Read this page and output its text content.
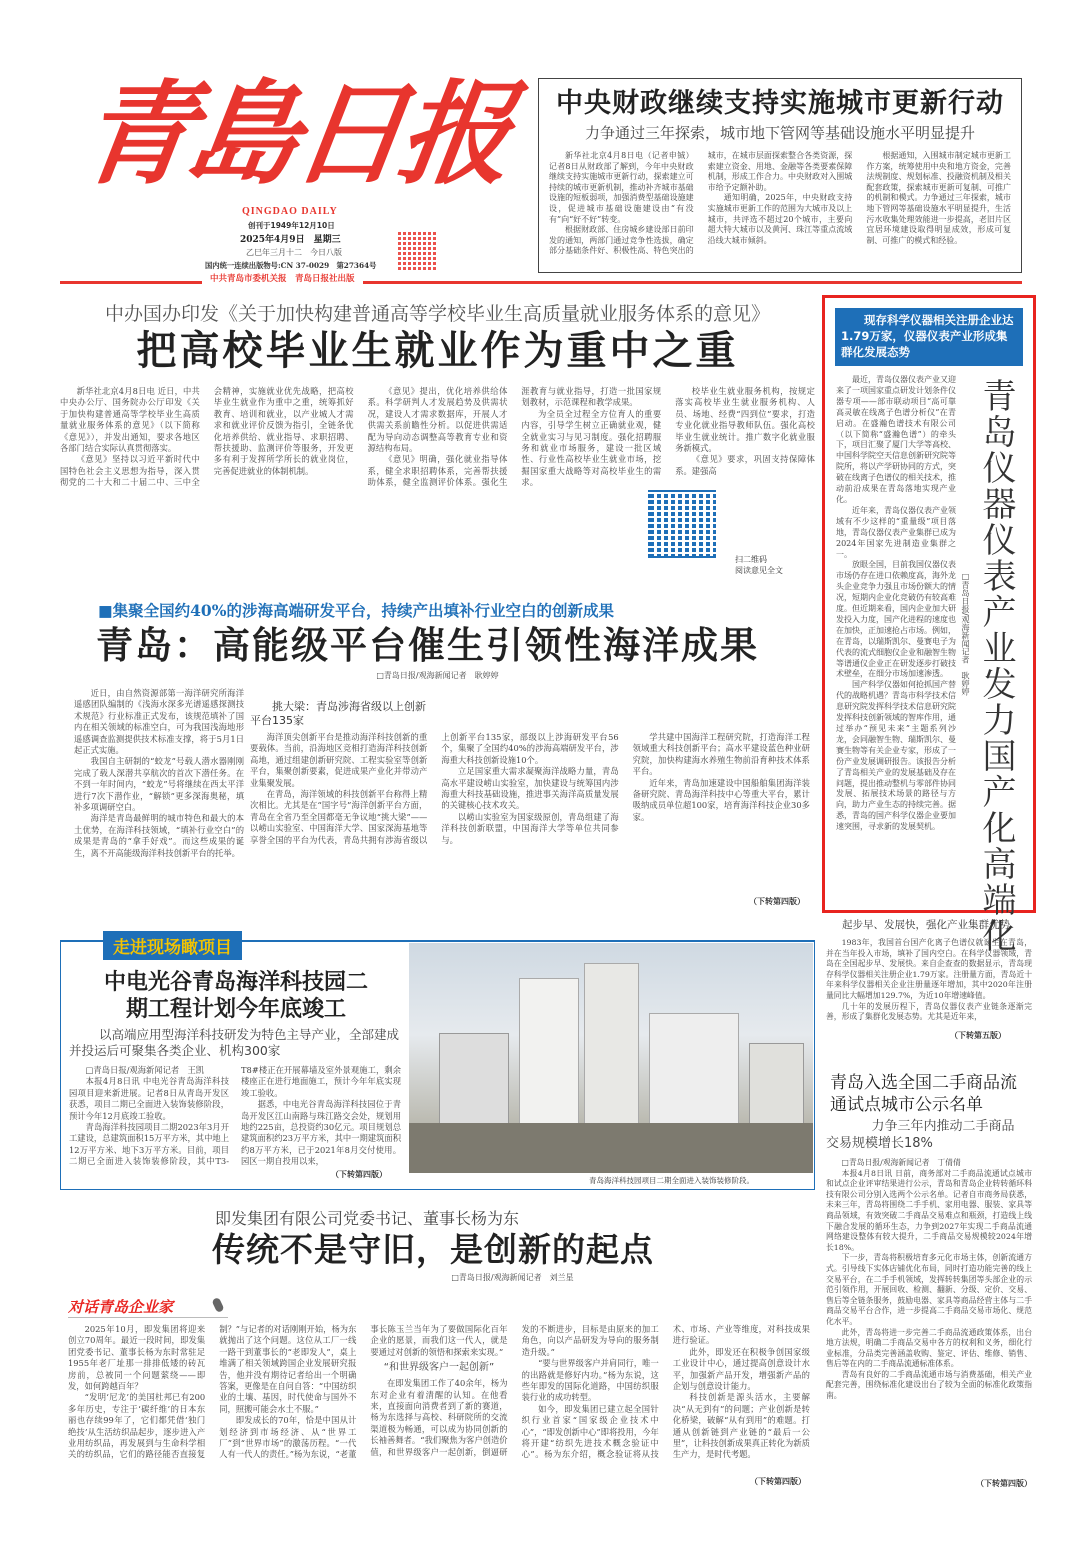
青島日报
QINGDAO DAILY
创刊于1949年12月10日
2025年4月9日　星期三
乙巳年三月十二　今日八版
国内统一连续出版物号:CN 37-0029　第27364号
中共青岛市委机关报　青岛日报社出版
中央财政继续支持实施城市更新行动
力争通过三年探索，城市地下管网等基础设施水平明显提升

新华社北京4月8日电（记者申铖） 记者8日从财政部了解到，今年中央财政继续支持实施城市更新行动，探索建立可持续的城市更新机制，推动补齐城市基础设施的短板弱项，加强消费型基础设施建设，促进城市基础设施建设由“有没有”向“好不好”转变。

根据财政部、住房城乡建设部日前印发的通知，两部门通过竞争性选拔，确定部分基础条件好、积极性高、特色突出的城市，在城市层面探索整合各类资源，探索建立资金、用地、金融等各类要素保障机制，形成工作合力。中央财政对入围城市给予定额补助。

通知明确，2025年，中央财政支持实施城市更新工作的范围为大城市及以上城市，共评选不超过20个城市，主要向超大特大城市以及黄河、珠江等重点流域沿线大城市倾斜。

根据通知，入围城市制定城市更新工作方案，统筹使用中央和地方资金，完善法规制度、规划标准、投融资机制及相关配套政策，探索城市更新可复制、可推广的机制和模式。力争通过三年探索，城市地下管网等基础设施水平明显提升，生活污水收集处理效能进一步提高，老旧片区宜居环境建设取得明显成效，形成可复制、可推广的模式和经验。

中办国办印发《关于加快构建普通高等学校毕业生高质量就业服务体系的意见》
把高校毕业生就业作为重中之重

新华社北京4月8日电 近日，中共中央办公厅、国务院办公厅印发《关于加快构建普通高等学校毕业生高质量就业服务体系的意见》（以下简称《意见》），并发出通知，要求各地区各部门结合实际认真贯彻落实。

《意见》坚持以习近平新时代中国特色社会主义思想为指导，深入贯彻党的二十大和二十届二中、三中全会精神，实施就业优先战略，把高校毕业生就业作为重中之重，统筹抓好教育、培训和就业，以产业城人才需求和就业评价反馈为指引，全链条优化培养供给、就业指导、求职招聘、帮扶援助、监测评价等服务，开发更多有利于发挥所学所长的就业岗位，完善促进就业的体制机制。

《意见》提出，优化培养供给体系。科学研判人才发展趋势及供需状况，建设人才需求数据库，开展人才供需关系前瞻性分析。以促进供需适配为导向动态调整高等教育专业和资源结构布局。

《意见》明确，强化就业指导体系，健全求职招聘体系，完善帮扶援助体系，健全监测评价体系。强化生涯教育与就业指导，打造一批国家规划教材，示范课程和教学成果。

为全员全过程全方位育人的重要内容，引导学生树立正确就业观，健全就业实习与见习制度。强化招聘服务和就业市场服务，建设一批区域性、行业性高校毕业生就业市场，挖掘国家重大战略等对高校毕业生的需求。

校毕业生就业服务机构，按规定落实高校毕业生就业服务机构、人员、场地、经费“四到位”要求，打造专业化就业指导教师队伍。强化高校毕业生就业统计。推广数字化就业服务新模式。

《意见》要求，巩固支持保障体系。建强高

扫二维码
阅读意见全文
现存科学仪器相关注册企业达1.79万家，仪器仪表产业形成集群化发展态势

最近，青岛仪器仪表产业又迎来了一项国家重点研发计划条件仪器专项——部市联动项目“高可靠高灵敏在线离子色谱分析仪”在青启动。在盛瀚色谱技术有限公司（以下简称“盛瀚色谱”）的牵头下，项目汇聚了厦门大学等高校、中国科学院空天信息创新研究院等院所，将以产学研协同的方式，突破在线离子色谱仪的相关技术，推动前沿成果在青岛落地实现产业化。

近年来，青岛仪器仪表产业领域有不少这样的“重量级”项目落地，青岛仪器仪表产业集群已成为2024年国家先进制造业集群之一。

放眼全国，目前我国仪器仪表市场仍存在进口依赖度高，海外龙头企业竞争力强且市场份额大的情况，短期内企业化竞破仍有较高难度。但近期来看，国内企业加大研发投入力度，国产化进程的速度也在加快，正加速抢占市场。例如，在青岛，以瑞斯凯尔、曼赛电子为代表的流式细胞仪企业和融智生物等谱通仪企业正在研发逐步打破技术壁垒，在细分市场加速渗透。

国产科学仪器如何抢抓国产替代的战略机遇？青岛市科学技术信息研究院发挥科学技术信息研究院发挥科技创新领域的智库作用，通过举办“预见未来”主题系列沙龙，会同融智生物、瑞斯凯尔、曼赛生物等有关企业专家，形成了一份产业发展调研报告。该报告分析了青岛相关产业的发展基础及存在问题，提出推动整机与零部件协同发展、拓展技术场景的路径与方向，助力产业生态的持续完善。据悉，青岛的国产科学仪器企业要加速突围，寻求新的发展契机。	青岛仪器仪表产业发力国产化高端化
□青岛日报/观海新闻记者　耿婷婷
■集聚全国约40%的涉海高端研发平台，持续产出填补行业空白的创新成果
青岛：高能级平台催生引领性海洋成果
□青岛日报/观海新闻记者　耿婷婷

近日，由自然资源部第一海洋研究所海洋遥感团队编制的《浅海水深多光谱遥感探测技术规范》行业标准正式发布，该规范填补了国内在相关领域的标准空白，可为我国浅海地形遥感调查监测提供技术标准支撑，将于5月1日起正式实施。

我国自主研制的“蛟龙”号载人潜水器刚刚完成了载人深潜共享航次的首次下潜任务。在不到一年时间内，“蛟龙”号将继续在西太平洋进行7次下潜作业，“解锁”更多深海奥秘，填补多项调研空白。

海洋是青岛最鲜明的城市特色和最大的本土优势，在海洋科技领域，“填补行业空白”的成果是青岛的“拿手好戏”。而这些成果的诞生，离不开高能级海洋科技创新平台的托举。

挑大梁：青岛涉海省级以上创新平台135家

海洋顶尖创新平台是推动海洋科技创新的重要载体。当前，沿海地区竞相打造海洋科技创新高地，通过组建创新研究院、工程实验室等创新平台，集聚创新要素，促进成果产业化并带动产业集聚发展。

在青岛，海洋领域的科技创新平台称得上精次相比。尤其是在“国字号”海洋创新平台方面，青岛在全省乃至全国都毫无争议地“挑大梁”——以崂山实验室、中国海洋大学、国家深海基地等享誉全国的平台为代表，青岛共拥有涉海省级以上创新平台135家，部级以上涉海研发平台56个，集聚了全国约40%的涉海高端研发平台，涉海重大科技创新设施10个。

立足国家重大需求凝聚海洋战略力量，青岛高水平建设崂山实验室，加快建设与统筹国内涉海重大科技基础设施，推进事关海洋高质量发展的关键核心技术攻关。

以崂山实验室为国家级原创，青岛组建了海洋科技创新联盟，中国海洋大学等单位共同参与。

学共建中国海洋工程研究院，打造海洋工程领域重大科技创新平台；高水平建设蓝色种业研究院，加快构建海水养殖生物前沿育种技术体系平台。

近年来，青岛加速建设中国船舶集团海洋装备研究院、青岛海洋科技中心等重大平台，累计吸纳成员单位超100家，培育海洋科技企业30多家。

（下转第四版）
走进现场瞰项目
中电光谷青岛海洋科技园二期工程计划今年底竣工
以高端应用型海洋科技研发为特色主导产业，全部建成并投运后可聚集各类企业、机构300家

□青岛日报/观海新闻记者　王凯

本报4月8日讯 中电光谷青岛海洋科技园项目迎来新进展。记者8日从青岛开发区获悉，项目二期已全面进入装饰装修阶段，预计今年12月底竣工验收。

青岛海洋科技园项目二期2023年3月开工建设，总建筑面积15万平方米，其中地上12万平方米、地下3万平方米。目前，项目二期已全面进入装饰装修阶段，其中T3-T8#楼正在开展幕墙及室外景观施工，剩余楼座正在进行地面施工，预计今年年底实现竣工验收。

据悉，中电光谷青岛海洋科技园位于青岛开发区江山南路与珠江路交会处，规划用地约225亩，总投资约30亿元。项目规划总建筑面积约23万平方米，其中一期建筑面积约8万平方米，已于2021年8月交付使用。园区一期自投用以来，

（下转第四版）
青岛海洋科技园项目二期全面进入装饰装修阶段。
起步早、发展快，强化产业集群优势

1983年，我国首台国产化离子色谱仪就诞生在青岛，并在当年投入市场，填补了国内空白。在科学仪器领域，青岛在全国起步早、发展快。来自企查查的数据显示，青岛现存科学仪器相关注册企业1.79万家。注册量方面，青岛近十年来科学仪器相关企业注册量逐年增加，其中2020年注册量同比大幅增加129.7%，为近10年增速峰值。

几十年的发展历程下，青岛仪器仪表产业链条逐渐完善，形成了集群化发展态势。尤其是近年来，

（下转第五版）
青岛入选全国二手商品流通试点城市公示名单
力争三年内推动二手商品交易规模增长18%

□青岛日报/观海新闻记者　丁倩倩

本报4月8日讯 日前，商务部对二手商品流通试点城市和试点企业评审结果进行公示，青岛和青岛企业转转循环科技有限公司分别入选两个公示名单。记者自市商务局获悉，未来三年，青岛将围绕二手手机、家用电器、服装、家具等商品领域，有效突破二手商品交易难点和瓶颈，打造线上线下融合发展的循环生态，力争到2027年实现二手商品流通网络建设整体有较大提升，二手商品交易规模较2024年增长18%。

下一步，青岛将积极培育多元化市场主体，创新流通方式。引导线下实体店铺优化布局，同时打造功能完善的线上交易平台，在二手手机领域，发挥转转集团等头部企业的示范引领作用，开展回收、检测、翻新、分级、定价、交易、售后等全链条服务，鼓励电器、家具等商品经营主体与二手商品交易平台合作，进一步提高二手商品交易市场化、规范化水平。

此外，青岛将进一步完善二手商品流通政策体系，出台地方法规，明确二手商品交易中各方的权利和义务，细化行业标准，分品类完善涵盖收购、鉴定、评估、维修、销售、售后等在内的二手商品流通标准体系。

青岛有良好的二手商品流通市场与消费基础，相关产业配套完善，围绕标准化建设出台了较为全面的标准化政策指南。

（下转第四版）
即发集团有限公司党委书记、董事长杨为东
传统不是守旧，是创新的起点
□青岛日报/观海新闻记者　刘兰星
对话青岛企业家

2025年10月，即发集团将迎来创立70周年。最近一段时间，即发集团党委书记、董事长杨为东时常驻足1955年老厂址那一排排低矮的砖瓦房前，总被同一个问题萦绕——即发，如何跨越百年？

“发明‘尼龙’的美国杜邦已有200多年历史，专注于‘碳纤维’的日本东丽也存续99年了，它们都凭借‘独门绝技’从生活纺织品起步，逐步进入产业用纺织品，再发展到与生命科学相关的纺织品，它们的路径能否直接复制？”与记者的对话刚刚开始，杨为东就抛出了这个问题。这位从工厂一线一路干到董事长的“老即发人”，桌上堆满了相关领域跨国企业发展研究报告，他并没有期待记者给出一个明确答案，更像是在自问自答：“中国纺织业的土壤、基因，时代使命与国外不同，照搬可能会水土不服。”

即发成长的70年，恰是中国从计划经济到市场经济、从“世界工厂”到“世界市场”的激荡历程。“一代人有一代人的责任。”杨为东说，“老董事长陈玉兰当年为了要做国际化百年企业的愿景，而我们这一代人，就是要通过对创新的领悟和探索来实现。”

“和世界级客户一起创新”

在即发集团工作了40余年，杨为东对企业有着清醒的认知。在他看来，直接面向消费者到了新的赛道，杨为东选择与高校、科研院所的交流渠道极为畅通，可以成为协同创新的长袖善舞者。“我们聚焦为客户创造价值，和世界级客户一起创新，倒逼研发的不断进步，目标是由原来的加工角色，向以产品研发为导向的服务制造升级。”

“要与世界级客户并肩同行，唯一的出路就是修好内功。”杨为东说，这些年即发的国际化道路，中国纺织服装行业的成功转型。

如今，即发集团已建立起全国针织行业首家“国家级企业技术中心”，“即发创新中心”即将投用，今年将开建“纺织先进技术概念验证中心”。杨为东介绍，概念验证将从技术、市场、产业等维度，对科技成果进行验证。

此外，即发还在积极争创国家级工业设计中心，通过提高创意设计水平，加强新产品开发，增强新产品的企划与创意设计能力。

科技创新是源头活水，主要解决“从无到有”的问题；产业创新是转化桥梁，破解“从有到用”的难题。打通从创新链到产业链的“最后一公里”，让科技创新成果真正转化为新质生产力，是时代考题。

（下转第四版）
